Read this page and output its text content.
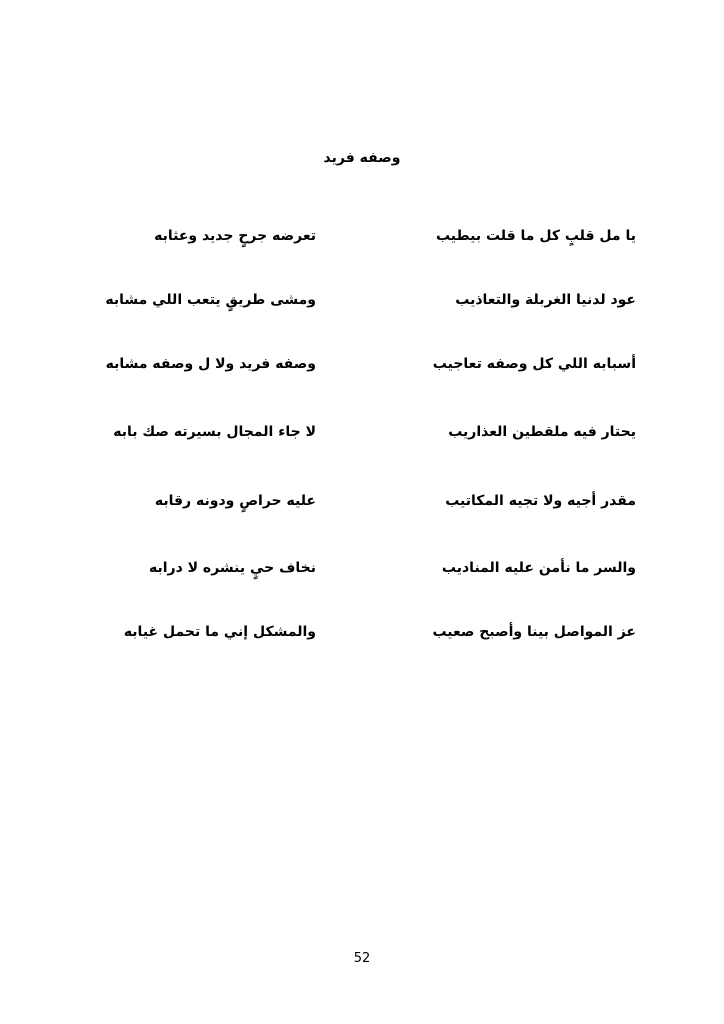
وصفه فريد
يا مل قلبٍ كل ما قلت بيطيب
تعرضه جرحٍ جديد وعثابه
عود لدنيا الغربلة والتعاذيب
ومشى طريقٍ يتعب اللي مشابه
أسبابه اللي كل وصفه تعاجيب
وصفه فريد ولا ل وصفه مشابه
يحتار فيه ملقطين العذاريب
لا جاء المجال بسيرته صك بابه
مقدر أجيه ولا تجيه المكاتيب
عليه حراصٍ ودونه رقابه
والسر ما نأمن عليه المناديب
نخاف حيٍ ينشره لا درابه
عز المواصل بينا وأصبح صعيب
والمشكل إني ما تحمل غيابه
52
